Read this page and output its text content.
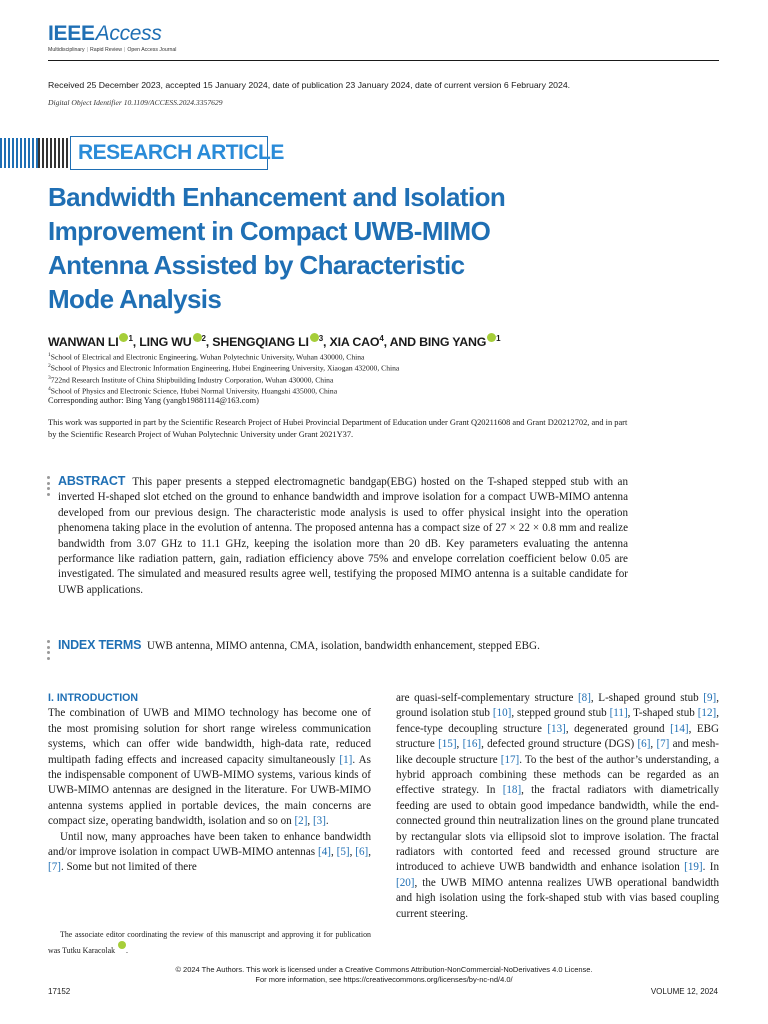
IEEEAccess
Multidisciplinary | Rapid Review | Open Access Journal
Received 25 December 2023, accepted 15 January 2024, date of publication 23 January 2024, date of current version 6 February 2024.
Digital Object Identifier 10.1109/ACCESS.2024.3357629
RESEARCH ARTICLE
Bandwidth Enhancement and Isolation Improvement in Compact UWB-MIMO Antenna Assisted by Characteristic Mode Analysis
WANWAN LI $^1$, LING WU $^2$, SHENGQIANG LI $^3$, XIA CAO$^4$, AND BING YANG $^1$
$^1$School of Electrical and Electronic Engineering, Wuhan Polytechnic University, Wuhan 430000, China
$^2$School of Physics and Electronic Information Engineering, Hubei Engineering University, Xiaogan 432000, China
$^3$722nd Research Institute of China Shipbuilding Industry Corporation, Wuhan 430000, China
$^4$School of Physics and Electronic Science, Hubei Normal University, Huangshi 435000, China
Corresponding author: Bing Yang (yangb19881114@163.com)
This work was supported in part by the Scientific Research Project of Hubei Provincial Department of Education under Grant Q20211608 and Grant D20212702, and in part by the Scientific Research Project of Wuhan Polytechnic University under Grant 2021Y37.
ABSTRACT This paper presents a stepped electromagnetic bandgap(EBG) hosted on the T-shaped stepped stub with an inverted H-shaped slot etched on the ground to enhance bandwidth and improve isolation for a compact UWB-MIMO antenna developed from our previous design. The characteristic mode analysis is used to offer physical insight into the operation phenomena taking place in the evolution of antenna. The proposed antenna has a compact size of 27 × 22 × 0.8 mm and realize bandwidth from 3.07 GHz to 11.1 GHz, keeping the isolation more than 20 dB. Key parameters evaluating the antenna performance like radiation pattern, gain, radiation efficiency above 75% and envelope correlation coefficient below 0.05 are investigated. The simulated and measured results agree well, testifying the proposed MIMO antenna is a suitable candidate for UWB applications.
INDEX TERMS UWB antenna, MIMO antenna, CMA, isolation, bandwidth enhancement, stepped EBG.
I. INTRODUCTION

The combination of UWB and MIMO technology has become one of the most promising solution for short range wireless communication systems, which can offer wide bandwidth, high-data rate, reduced multipath fading effects and increased capacity simultaneously [1]. As the indispensable component of UWB-MIMO systems, various kinds of UWB-MIMO antennas are designed in the literature. For UWB-MIMO antenna systems applied in portable devices, the main concerns are compact size, operating bandwidth, isolation and so on [2], [3].

Until now, many approaches have been taken to enhance bandwidth and/or improve isolation in compact UWB-MIMO antennas [4], [5], [6], [7]. Some but not limited of there

The associate editor coordinating the review of this manuscript and approving it for publication was Tutku Karacolak .

are quasi-self-complementary structure [8], L-shaped ground stub [9], ground isolation stub [10], stepped ground stub [11], T-shaped stub [12], fence-type decoupling structure [13], degenerated ground [14], EBG structure [15], [16], defected ground structure (DGS) [6], [7] and mesh-like decouple structure [17]. To the best of the author’s understanding, a hybrid approach combining these methods can be regarded as an effective strategy. In [18], the fractal radiators with diametrically feeding are used to obtain good impedance bandwidth, while the end-connected ground thin neutralization lines on the ground plane truncated by rectangular slots via ellipsoid slot to improve isolation. The fractal radiators with contorted feed and recessed ground structure are introduced to achieve UWB bandwidth and enhance isolation [19]. In [20], the UWB MIMO antenna realizes UWB operational bandwidth and high isolation using the fork-shaped stub with vias based coupling current steering.

© 2024 The Authors. This work is licensed under a Creative Commons Attribution-NonCommercial-NoDerivatives 4.0 License.
For more information, see https://creativecommons.org/licenses/by-nc-nd/4.0/
17152	VOLUME 12, 2024
